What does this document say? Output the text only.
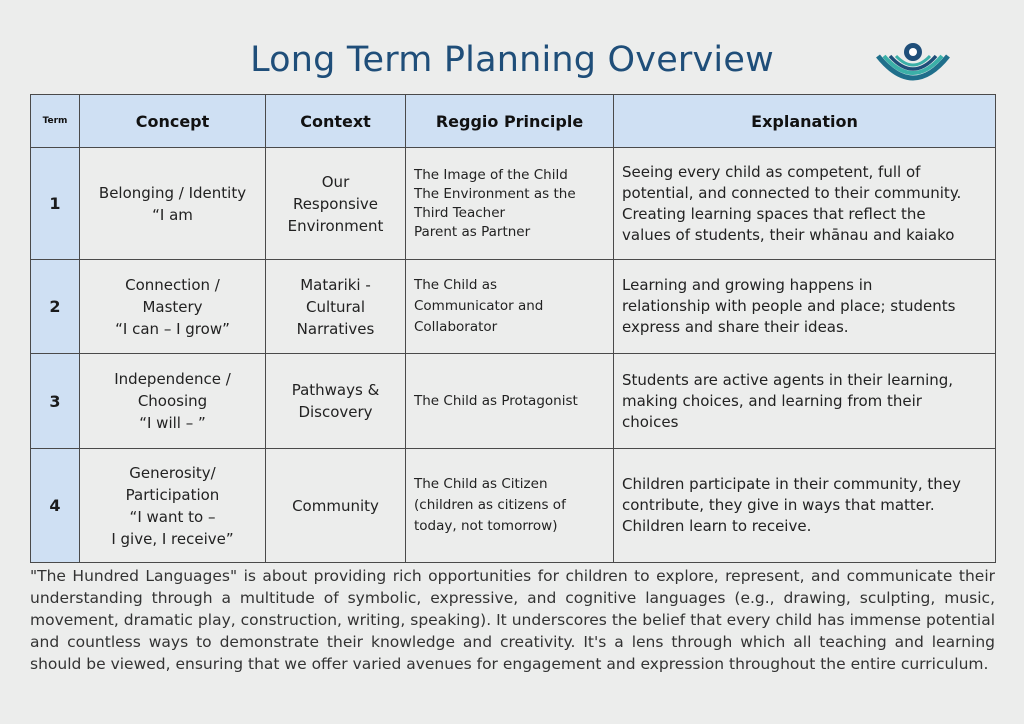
Long Term Planning Overview
Term	Concept	Context	Reggio Principle	Explanation
1	Belonging / Identity
“I am	Our
Responsive
Environment	The Image of the Child
The Environment as the
Third Teacher
Parent as Partner	Seeing every child as competent, full of
potential, and connected to their community.
Creating learning spaces that reflect the
values of students, their whānau and kaiako

2	Connection /
Mastery
“I can – I grow”	Matariki -
Cultural
Narratives	The Child as
Communicator and
Collaborator	Learning and growing happens in
relationship with people and place; students
express and share their ideas.

3	Independence /
Choosing
“I will – ”	Pathways &
Discovery	The Child as Protagonist	Students are active agents in their learning,
making choices, and learning from their
choices

4	Generosity/
Participation
“I want to –
I give, I receive”	Community	The Child as Citizen
(children as citizens of
today, not tomorrow)	Children participate in their community, they
contribute, they give in ways that matter.
Children learn to receive.
"The Hundred Languages" is about providing rich opportunities for children to explore, represent, and communicate their understanding through a multitude of symbolic, expressive, and cognitive languages (e.g., drawing, sculpting, music, movement, dramatic play, construction, writing, speaking). It underscores the belief that every child has immense potential and countless ways to demonstrate their knowledge and creativity. It's a lens through which all teaching and learning should be viewed, ensuring that we offer varied avenues for engagement and expression throughout the entire curriculum.
